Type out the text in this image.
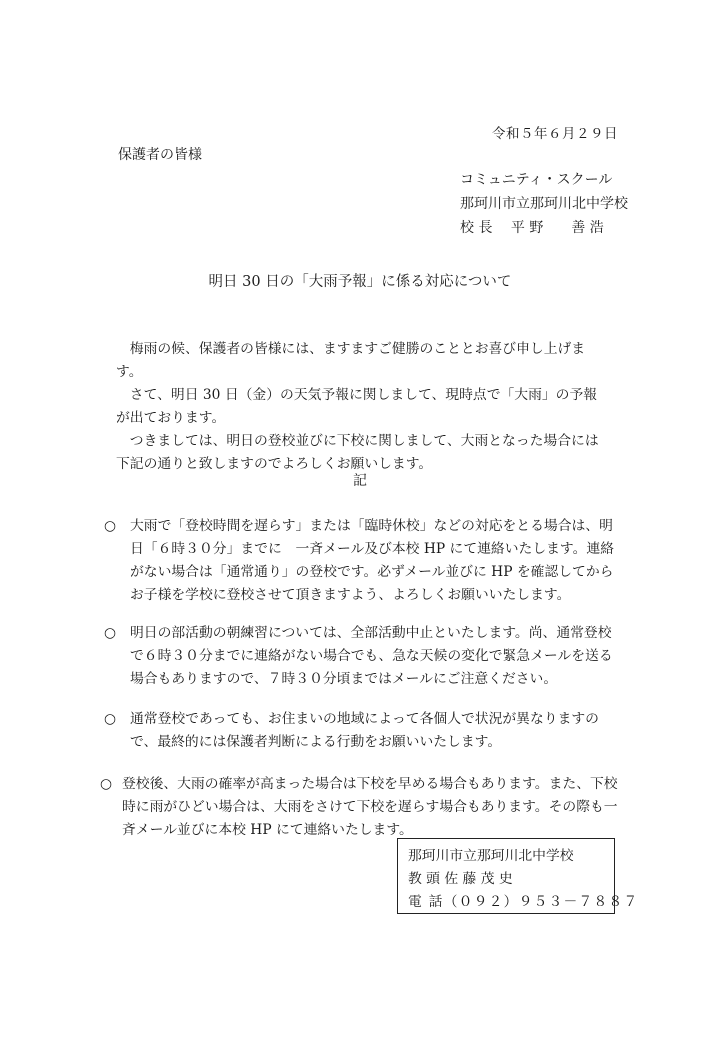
令和５年６月２９日
保護者の皆様
コミュニティ・スクール
那珂川市立那珂川北中学校
校 長　 平 野　　善 浩
明日 30 日の「大雨予報」に係る対応について

梅雨の候、保護者の皆様には、ますますご健勝のこととお喜び申し上げます。

さて、明日 30 日（金）の天気予報に関しまして、現時点で「大雨」の予報が出ております。

つきましては、明日の登校並びに下校に関しまして、大雨となった場合には下記の通りと致しますのでよろしくお願いします。

記
○ 大雨で「登校時間を遅らす」または「臨時休校」などの対応をとる場合は、明日「６時３０分」までに　一斉メール及び本校 HP にて連絡いたします。連絡がない場合は「通常通り」の登校です。必ずメール並びに HP を確認してからお子様を学校に登校させて頂きますよう、よろしくお願いいたします。
○ 明日の部活動の朝練習については、全部活動中止といたします。尚、通常登校で６時３０分までに連絡がない場合でも、急な天候の変化で緊急メールを送る場合もありますので、７時３０分頃まではメールにご注意ください。
○ 通常登校であっても、お住まいの地域によって各個人で状況が異なりますので、最終的には保護者判断による行動をお願いいたします。
○ 登校後、大雨の確率が高まった場合は下校を早める場合もあります。また、下校時に雨がひどい場合は、大雨をさけて下校を遅らす場合もあります。その際も一斉メール並びに本校 HP にて連絡いたします。
那珂川市立那珂川北中学校
教 頭 佐 藤 茂 史
電 話（０９２）９５３－７８８７
